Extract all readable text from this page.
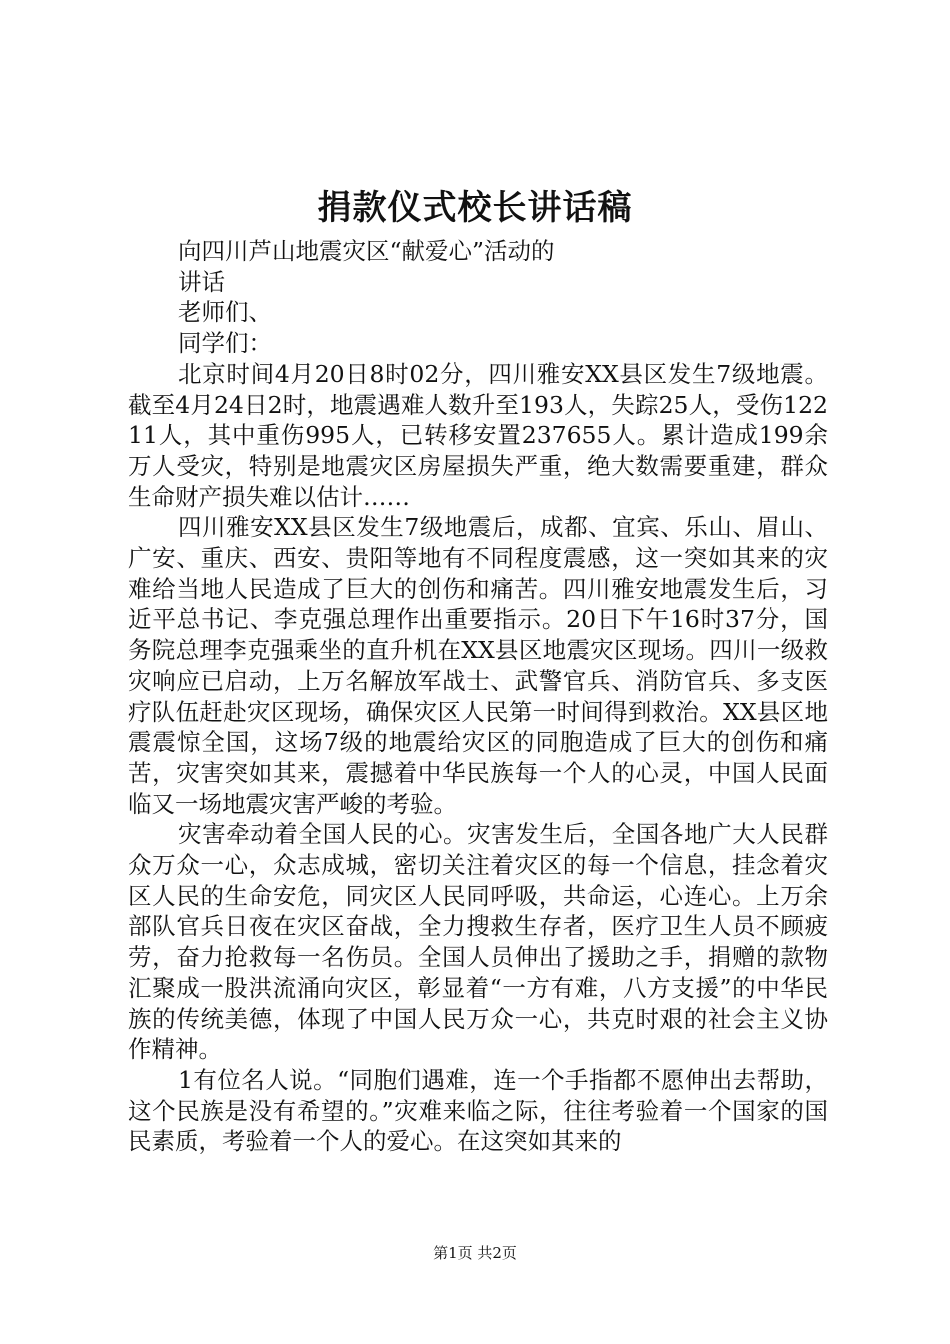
捐款仪式校长讲话稿
向四川芦山地震灾区“献爱心”活动的
讲话
老师们、
同学们：

北京时间4月20日8时02分，四川雅安XX县区发生7级地震。截至4月24日2时，地震遇难人数升至193人，失踪25人，受伤12211人，其中重伤995人，已转移安置237655人。累计造成199余万人受灾，特别是地震灾区房屋损失严重，绝大数需要重建，群众生命财产损失难以估计……

四川雅安XX县区发生7级地震后，成都、宜宾、乐山、眉山、广安、重庆、西安、贵阳等地有不同程度震感，这一突如其来的灾难给当地人民造成了巨大的创伤和痛苦。四川雅安地震发生后，习近平总书记、李克强总理作出重要指示。20日下午16时37分，国务院总理李克强乘坐的直升机在XX县区地震灾区现场。四川一级救灾响应已启动，上万名解放军战士、武警官兵、消防官兵、多支医疗队伍赶赴灾区现场，确保灾区人民第一时间得到救治。XX县区地震震惊全国，这场7级的地震给灾区的同胞造成了巨大的创伤和痛苦，灾害突如其来，震撼着中华民族每一个人的心灵，中国人民面临又一场地震灾害严峻的考验。

灾害牵动着全国人民的心。灾害发生后，全国各地广大人民群众万众一心，众志成城，密切关注着灾区的每一个信息，挂念着灾区人民的生命安危，同灾区人民同呼吸，共命运，心连心。上万余部队官兵日夜在灾区奋战，全力搜救生存者，医疗卫生人员不顾疲劳，奋力抢救每一名伤员。全国人员伸出了援助之手，捐赠的款物汇聚成一股洪流涌向灾区，彰显着“一方有难，八方支援”的中华民族的传统美德，体现了中国人民万众一心，共克时艰的社会主义协作精神。

1有位名人说。“同胞们遇难，连一个手指都不愿伸出去帮助，这个民族是没有希望的。”灾难来临之际，往往考验着一个国家的国民素质，考验着一个人的爱心。在这突如其来的

第1页 共2页
